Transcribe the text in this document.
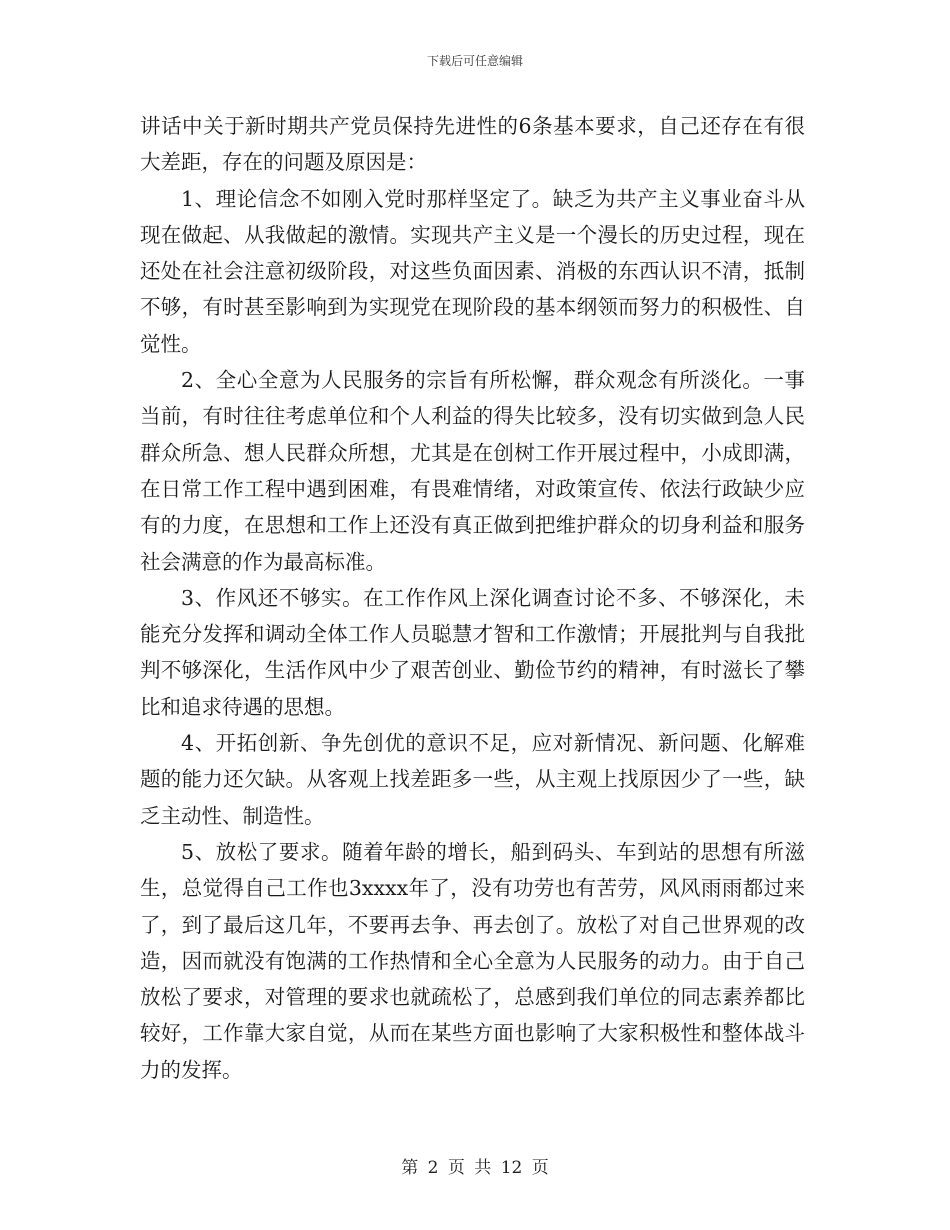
下载后可任意编辑

讲话中关于新时期共产党员保持先进性的6条基本要求，自己还存在有很大差距，存在的问题及原因是：

1、理论信念不如刚入党时那样坚定了。缺乏为共产主义事业奋斗从现在做起、从我做起的激情。实现共产主义是一个漫长的历史过程，现在还处在社会注意初级阶段，对这些负面因素、消极的东西认识不清，抵制不够，有时甚至影响到为实现党在现阶段的基本纲领而努力的积极性、自觉性。

2、全心全意为人民服务的宗旨有所松懈，群众观念有所淡化。一事当前，有时往往考虑单位和个人利益的得失比较多，没有切实做到急人民群众所急、想人民群众所想，尤其是在创树工作开展过程中，小成即满，在日常工作工程中遇到困难，有畏难情绪，对政策宣传、依法行政缺少应有的力度，在思想和工作上还没有真正做到把维护群众的切身利益和服务社会满意的作为最高标准。

3、作风还不够实。在工作作风上深化调查讨论不多、不够深化，未能充分发挥和调动全体工作人员聪慧才智和工作激情；开展批判与自我批判不够深化，生活作风中少了艰苦创业、勤俭节约的精神，有时滋长了攀比和追求待遇的思想。

4、开拓创新、争先创优的意识不足，应对新情况、新问题、化解难题的能力还欠缺。从客观上找差距多一些，从主观上找原因少了一些，缺乏主动性、制造性。

5、放松了要求。随着年龄的增长，船到码头、车到站的思想有所滋生，总觉得自己工作也3xxxx年了，没有功劳也有苦劳，风风雨雨都过来了，到了最后这几年，不要再去争、再去创了。放松了对自己世界观的改造，因而就没有饱满的工作热情和全心全意为人民服务的动力。由于自己放松了要求，对管理的要求也就疏松了，总感到我们单位的同志素养都比较好，工作靠大家自觉，从而在某些方面也影响了大家积极性和整体战斗力的发挥。

第 2 页 共 12 页
